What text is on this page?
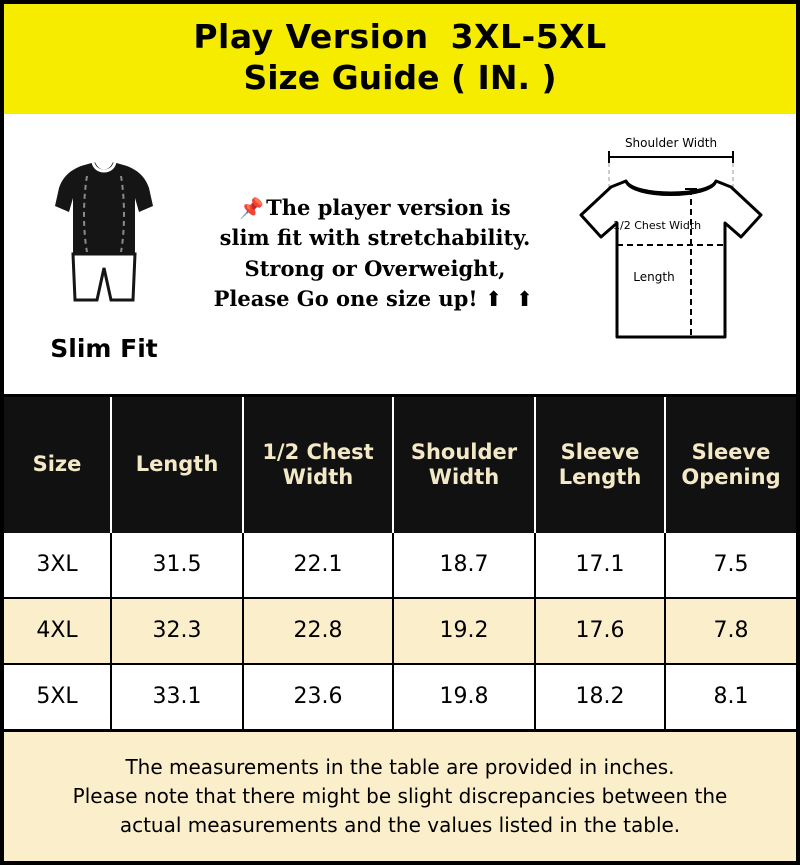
Play Version 3XL-5XL
Size Guide ( IN. )
Slim Fit
📌The player version is
slim fit with stretchability.
Strong or Overweight,
Please Go one size up! ⬆ ⬆
Shoulder Width
1/2 Chest Width
Length
Size	Length	1/2 Chest Width	Shoulder Width	Sleeve Length	Sleeve Opening
3XL	31.5	22.1	18.7	17.1	7.5
4XL	32.3	22.8	19.2	17.6	7.8
5XL	33.1	23.6	19.8	18.2	8.1

The measurements in the table are provided in inches.

Please note that there might be slight discrepancies between the

actual measurements and the values listed in the table.
